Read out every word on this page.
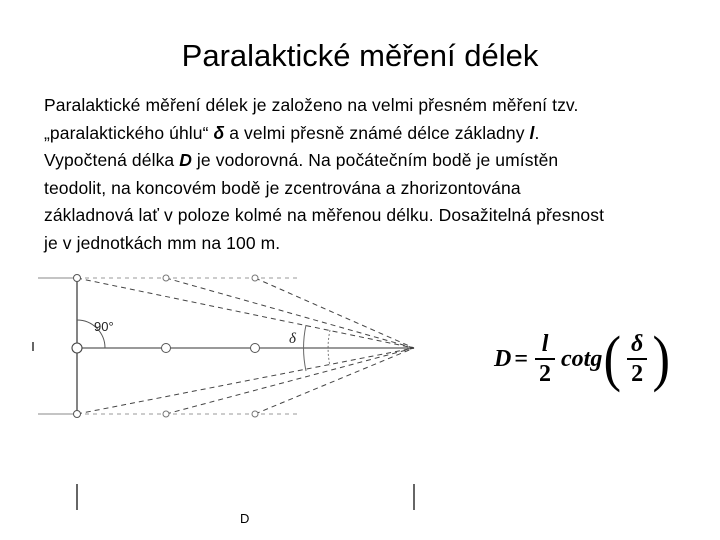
Paralaktické měření délek
Paralaktické měření délek je založeno na velmi přesném měření tzv.
„paralaktického úhlu“ δ a velmi přesně známé délce základny l.
Vypočtená délka D je vodorovná. Na počátečním bodě je umístěn
teodolit, na koncovém bodě je zcentrována a zhorizontována
základnová lať v poloze kolmé na měřenou délku. Dosažitelná přesnost
je v jednotkách mm na 100 m.
90°
δ
D
$D = \frac{l}{2}$ cotg ( $\frac{\delta}{2}$ )
